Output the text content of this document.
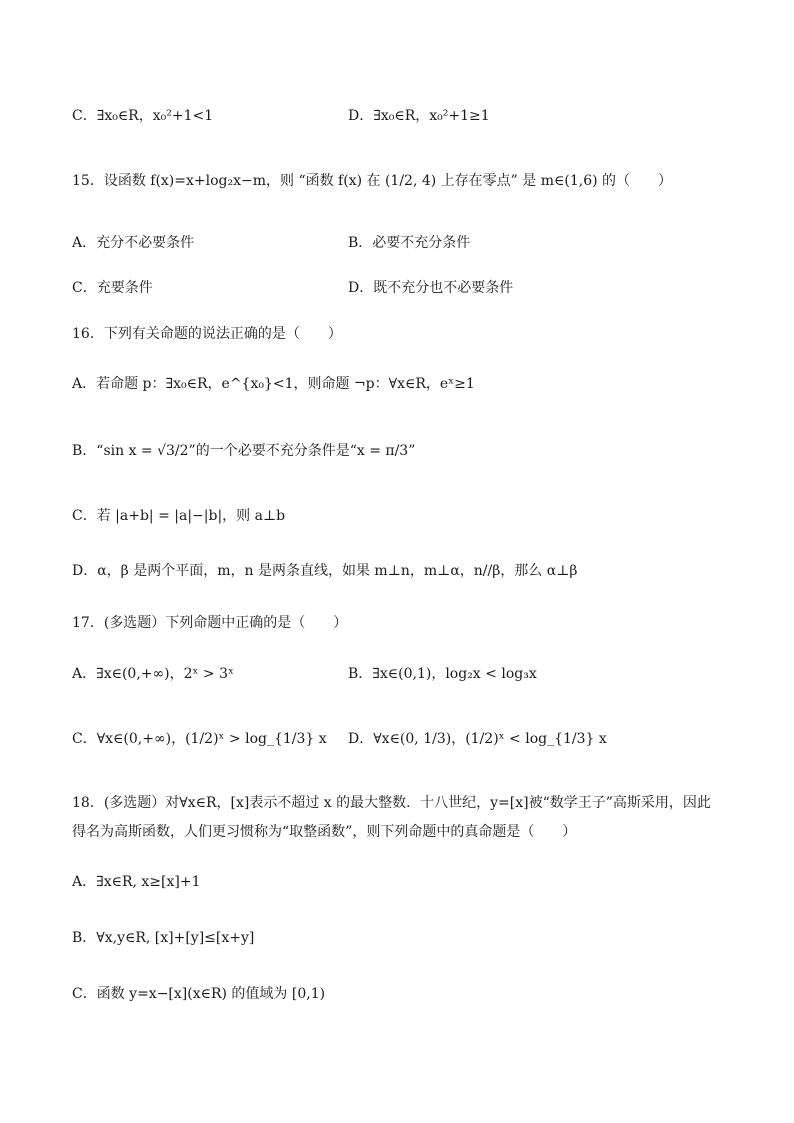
C．∃x₀∈R，x₀²+1<1	D．∃x₀∈R，x₀²+1≥1
15．设函数 f(x)=x+log₂x−m，则 “函数 f(x) 在 (1/2, 4) 上存在零点” 是 m∈(1,6) 的（　　）
A．充分不必要条件	B．必要不充分条件
C．充要条件	D．既不充分也不必要条件
16．下列有关命题的说法正确的是（　　）
A．若命题 p：∃x₀∈R，e^{x₀}<1，则命题 ¬p：∀x∈R，eˣ≥1
B．“sin x = √3/2”的一个必要不充分条件是“x = π/3”
C．若 |a+b| = |a|−|b|，则 a⊥b
D．α，β 是两个平面，m，n 是两条直线，如果 m⊥n，m⊥α，n//β，那么 α⊥β
17．(多选题）下列命题中正确的是（　　）
A．∃x∈(0,+∞)，2ˣ > 3ˣ	B．∃x∈(0,1)，log₂x < log₃x
C．∀x∈(0,+∞)，(1/2)ˣ > log_{1/3} x D．∀x∈(0, 1/3)，(1/2)ˣ < log_{1/3} x
18．(多选题）对∀x∈R，[x]表示不超过 x 的最大整数．十八世纪，y=[x]被“数学王子”高斯采用，因此
得名为高斯函数，人们更习惯称为“取整函数”，则下列命题中的真命题是（　　）
A．∃x∈R, x≥[x]+1
B．∀x,y∈R, [x]+[y]≤[x+y]
C．函数 y=x−[x](x∈R) 的值域为 [0,1)
